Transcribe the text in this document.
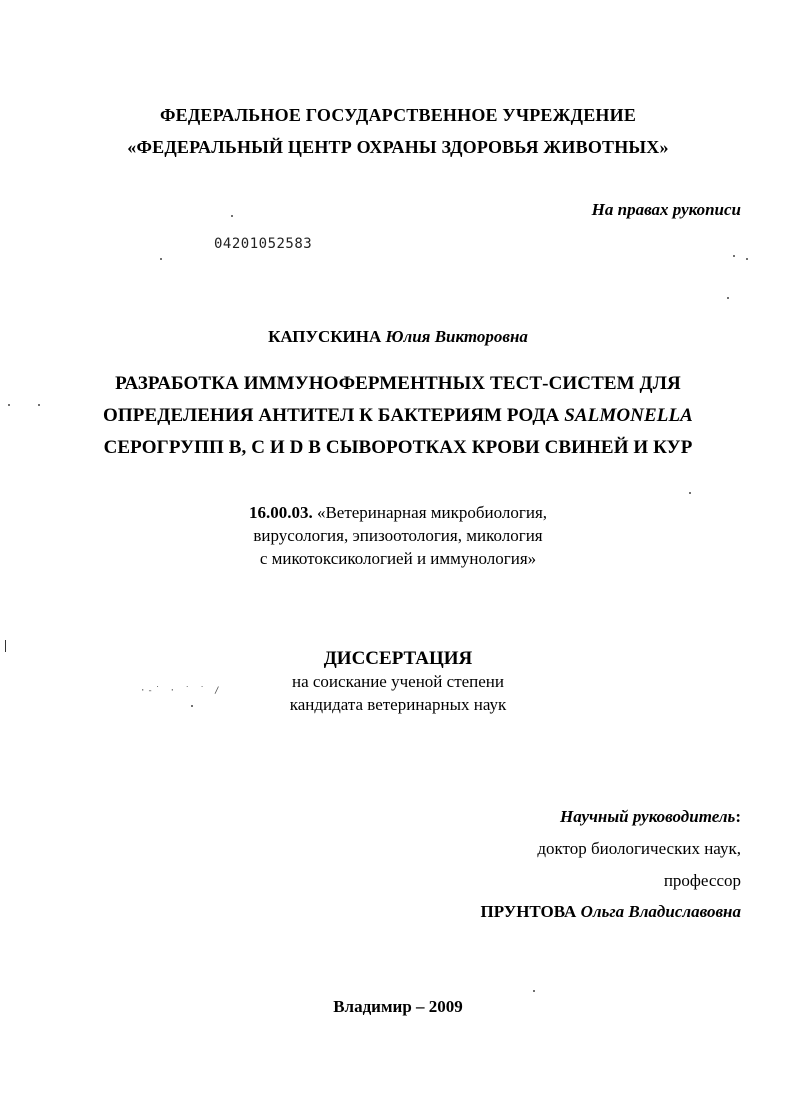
ФЕДЕРАЛЬНОЕ ГОСУДАРСТВЕННОЕ УЧРЕЖДЕНИЕ

«ФЕДЕРАЛЬНЫЙ ЦЕНТР ОХРАНЫ ЗДОРОВЬЯ ЖИВОТНЫХ»

На правах рукописи

04201052583

КАПУСКИНА Юлия Викторовна

РАЗРАБОТКА ИММУНОФЕРМЕНТНЫХ ТЕСТ-СИСТЕМ ДЛЯ

ОПРЕДЕЛЕНИЯ АНТИТЕЛ К БАКТЕРИЯМ РОДА SALMONELLA

СЕРОГРУПП В, С И D В СЫВОРОТКАХ КРОВИ СВИНЕЙ И КУР

16.00.03. «Ветеринарная микробиология,

вирусология, эпизоотология, микология

с микотоксикологией и иммунология»

ДИССЕРТАЦИЯ

на соискание ученой степени

кандидата ветеринарных наук

Научный руководитель:

доктор биологических наук,

профессор

ПРУНТОВА Ольга Владиславовна

Владимир – 2009

·-˙ · ˙ ˙ /
